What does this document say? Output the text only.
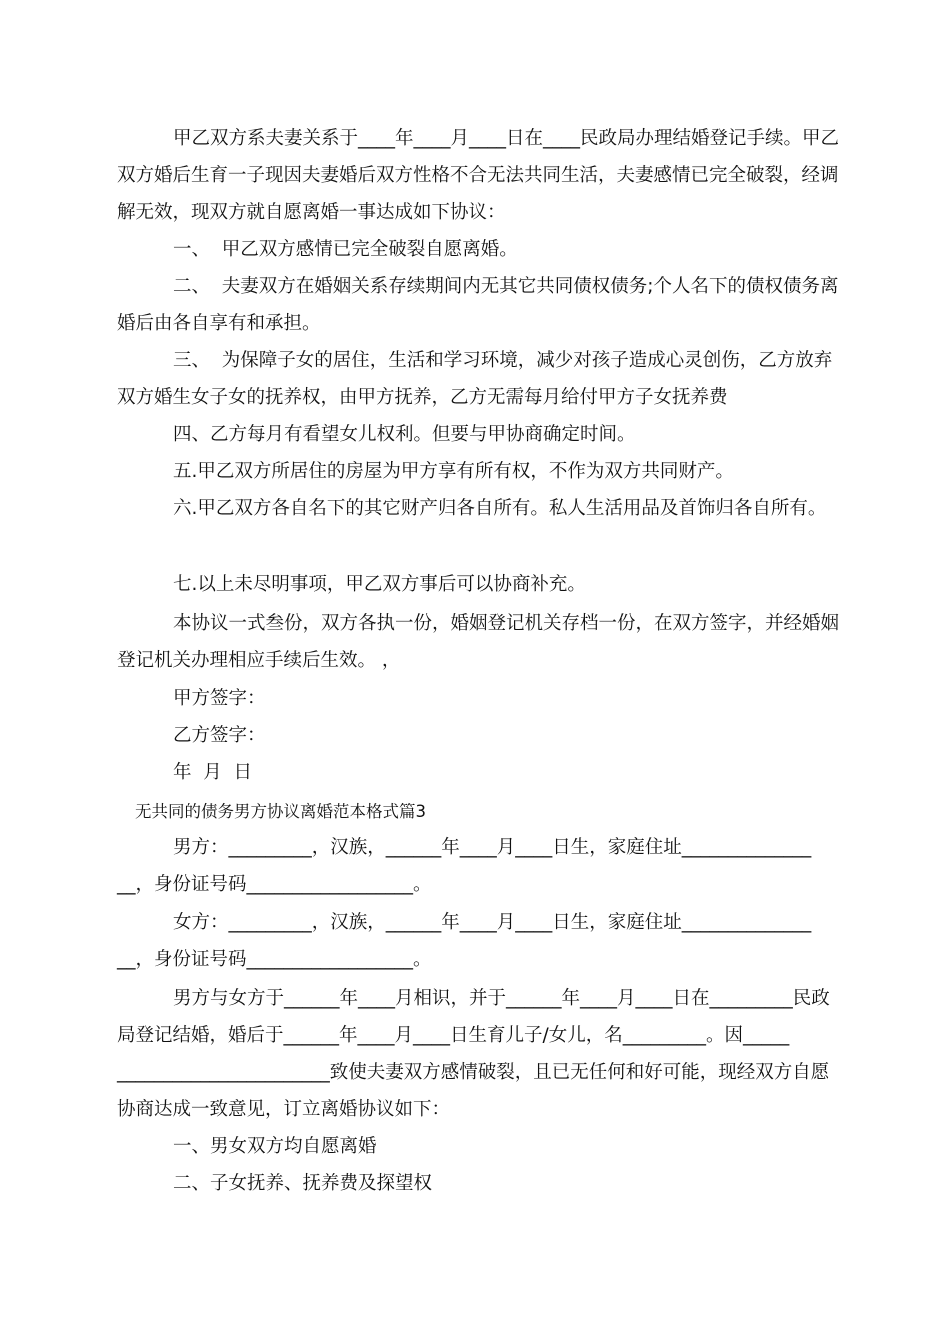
甲乙双方系夫妻关系于____年____月____日在____民政局办理结婚登记手续。甲乙双方婚后生育一子现因夫妻婚后双方性格不合无法共同生活，夫妻感情已完全破裂，经调解无效，现双方就自愿离婚一事达成如下协议：

一、  甲乙双方感情已完全破裂自愿离婚。

二、  夫妻双方在婚姻关系存续期间内无其它共同债权债务;个人名下的债权债务离婚后由各自享有和承担。

三、  为保障子女的居住，生活和学习环境，减少对孩子造成心灵创伤，乙方放弃双方婚生女子女的抚养权，由甲方抚养，乙方无需每月给付甲方子女抚养费

四、乙方每月有看望女儿权利。但要与甲协商确定时间。

五.甲乙双方所居住的房屋为甲方享有所有权，不作为双方共同财产。

六.甲乙双方各自名下的其它财产归各自所有。私人生活用品及首饰归各自所有。

七.以上未尽明事项，甲乙双方事后可以协商补充。

本协议一式叁份，双方各执一份，婚姻登记机关存档一份，在双方签字，并经婚姻登记机关办理相应手续后生效。 ，

甲方签字：

乙方签字：

年  月  日

无共同的债务男方协议离婚范本格式篇3

男方：_________，汉族，______年____月____日生，家庭住址______________ __，身份证号码__________________。

女方：_________，汉族，______年____月____日生，家庭住址______________ __，身份证号码__________________。

男方与女方于______年____月相识，并于______年____月____日在_________民政局登记结婚，婚后于______年____月____日生育儿子/女儿，名_________。因_____ _______________________致使夫妻双方感情破裂，且已无任何和好可能，现经双方自愿协商达成一致意见，订立离婚协议如下：

一、男女双方均自愿离婚

二、子女抚养、抚养费及探望权
